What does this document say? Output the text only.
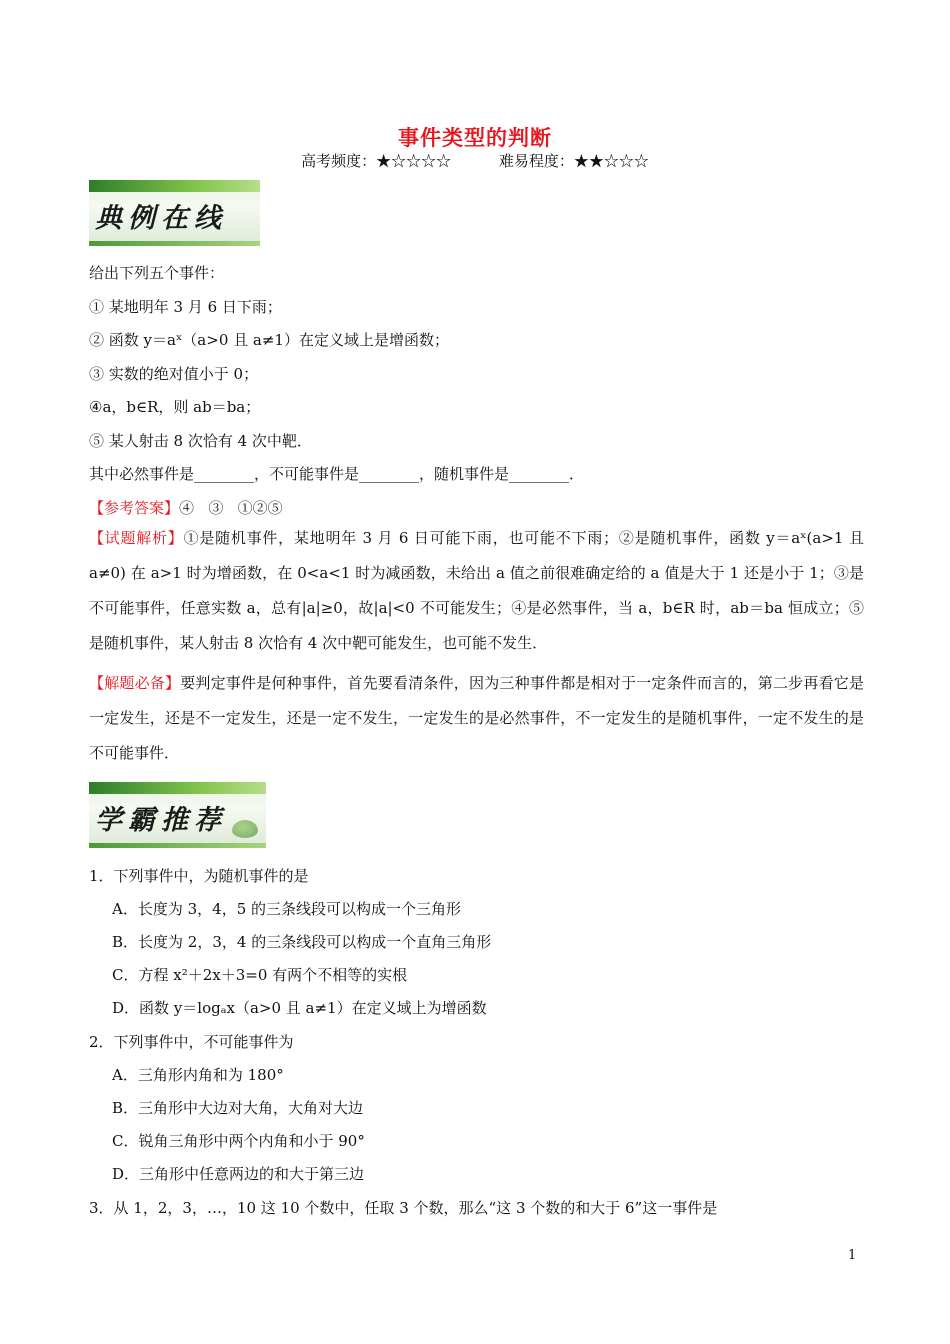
事件类型的判断
高考频度：★☆☆☆☆          难易程度：★★☆☆☆
典例在线
给出下列五个事件：
① 某地明年 3 月 6 日下雨；
② 函数 y＝aˣ（a>0 且 a≠1）在定义域上是增函数；
③ 实数的绝对值小于 0；
④a，b∈R，则 ab＝ba；
⑤ 某人射击 8 次恰有 4 次中靶．
其中必然事件是________，不可能事件是________，随机事件是________．
【参考答案】④   ③   ①②⑤
【试题解析】①是随机事件，某地明年 3 月 6 日可能下雨，也可能不下雨；②是随机事件，函数 y＝aˣ(a>1 且 a≠0) 在 a>1 时为增函数，在 0<a<1 时为减函数，未给出 a 值之前很难确定给的 a 值是大于 1 还是小于 1；③是不可能事件，任意实数 a，总有|a|≥0，故|a|<0 不可能发生；④是必然事件，当 a，b∈R 时，ab＝ba 恒成立；⑤是随机事件，某人射击 8 次恰有 4 次中靶可能发生，也可能不发生．
【解题必备】要判定事件是何种事件，首先要看清条件，因为三种事件都是相对于一定条件而言的，第二步再看它是一定发生，还是不一定发生，还是一定不发生，一定发生的是必然事件，不一定发生的是随机事件，一定不发生的是不可能事件．
学霸推荐
1．下列事件中，为随机事件的是
A．长度为 3，4，5 的三条线段可以构成一个三角形
B．长度为 2，3，4 的三条线段可以构成一个直角三角形
C．方程 x²＋2x＋3=0 有两个不相等的实根
D．函数 y＝logₐx（a>0 且 a≠1）在定义域上为增函数
2．下列事件中，不可能事件为
A．三角形内角和为 180°
B．三角形中大边对大角，大角对大边
C．锐角三角形中两个内角和小于 90°
D．三角形中任意两边的和大于第三边
3．从 1，2，3，…，10 这 10 个数中，任取 3 个数，那么“这 3 个数的和大于 6”这一事件是
1
